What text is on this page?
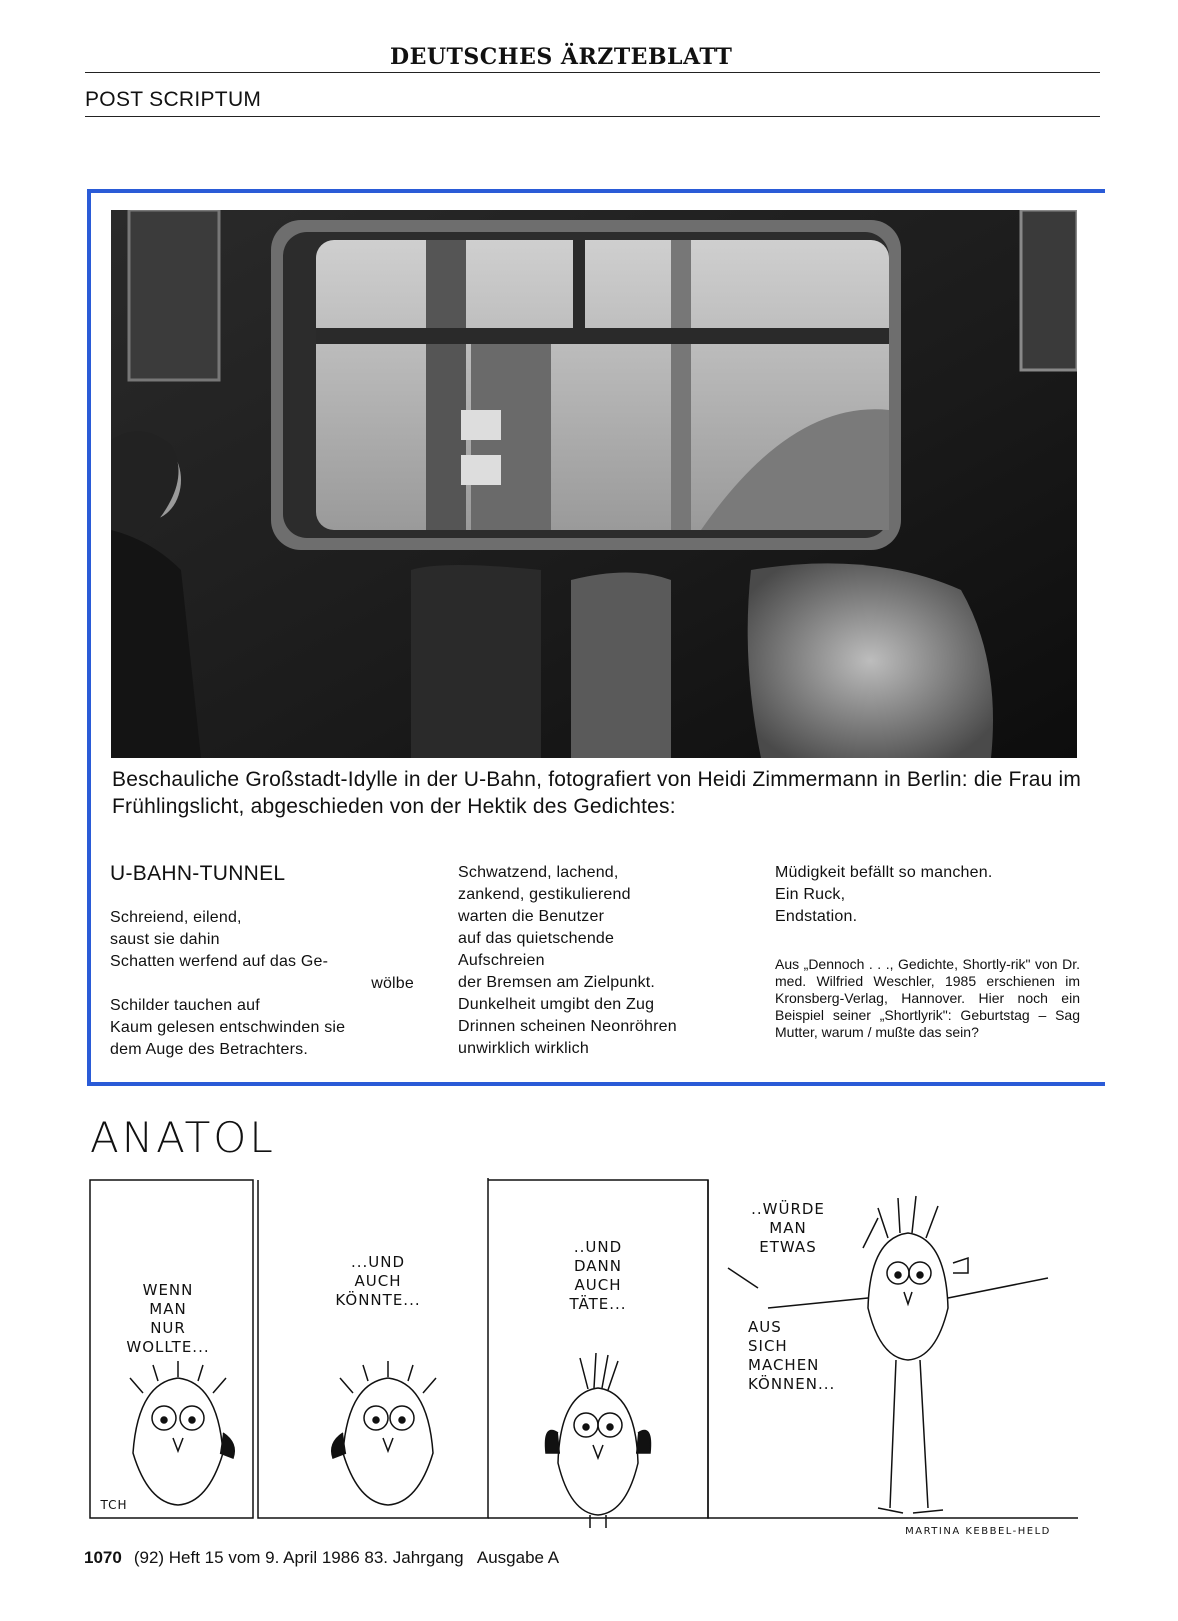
DEUTSCHES ÄRZTEBLATT
POST SCRIPTUM
Beschauliche Großstadt-Idylle in der U-Bahn, fotografiert von Heidi Zimmermann in Berlin: die Frau im Frühlingslicht, abgeschieden von der Hektik des Gedichtes:
U-BAHN-TUNNEL
Schreiend, eilend,
saust sie dahin
Schatten werfend auf das Ge-
wölbe
Schilder tauchen auf
Kaum gelesen entschwinden sie
dem Auge des Betrachters.
Schwatzend, lachend,
zankend, gestikulierend
warten die Benutzer
auf das quietschende
Aufschreien
der Bremsen am Zielpunkt.
Dunkelheit umgibt den Zug
Drinnen scheinen Neonröhren
unwirklich wirklich
Müdigkeit befällt so manchen.
Ein Ruck,
Endstation.
Aus „Dennoch . . ., Gedichte, Shortly-rik" von Dr. med. Wilfried Weschler, 1985 erschienen im Kronsberg-Verlag, Hannover. Hier noch ein Beispiel seiner „Shortlyrik": Geburtstag – Sag Mutter, warum / mußte das sein?
ANATOL
WENN
MAN
NUR
WOLLTE...
...UND
AUCH
KÖNNTE...
..UND
DANN
AUCH
TÄTE...
..WÜRDE
MAN
ETWAS
AUS
SICH
MACHEN
KÖNNEN...
TCH
MARTINA KEBBEL-HELD
1070 (92) Heft 15 vom 9. April 1986 83. Jahrgang   Ausgabe A
